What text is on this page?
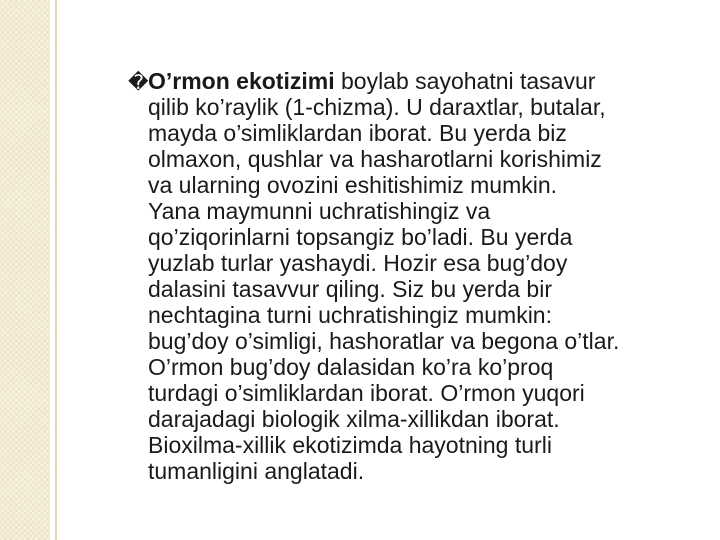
� O’rmon ekotizimi boylab sayohatni tasavur
qilib ko’raylik (1-chizma). U daraxtlar, butalar,
mayda o’simliklardan iborat. Bu yerda biz
olmaxon, qushlar va hasharotlarni korishimiz
va ularning ovozini eshitishimiz mumkin.
Yana maymunni uchratishingiz va
qo’ziqorinlarni topsangiz bo’ladi. Bu yerda
yuzlab turlar yashaydi. Hozir esa bug’doy
dalasini tasavvur qiling. Siz bu yerda bir
nechtagina turni uchratishingiz mumkin:
bug’doy o’simligi, hashoratlar va begona o’tlar.
O’rmon bug’doy dalasidan ko’ra ko’proq
turdagi o’simliklardan iborat. O’rmon yuqori
darajadagi biologik xilma-xillikdan iborat.
Bioxilma-xillik ekotizimda hayotning turli
tumanligini anglatadi.
